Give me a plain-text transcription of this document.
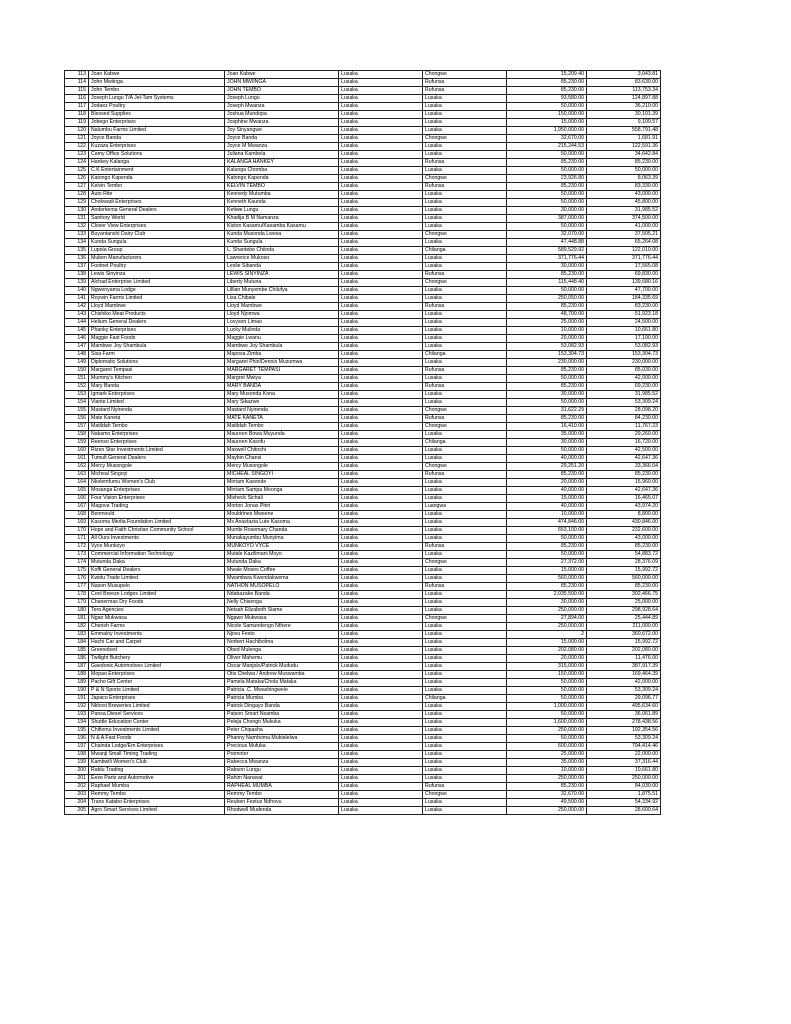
113	Joan Kabwe	Joan Kabwe	Lusaka	Chongwe	15,209.40	3,043.81
114	John Mwiinga	JOHN MWIINGA	Lusaka	Rufunsa	85,230.00	83,630.00
115	John Tembo	JOHN TEMBO	Lusaka	Rufunsa	85,230.00	113,753.34
116	Joseph Lungu T/A Jel-Tam Systems	Joseph Lungu	Lusaka	Lusaka	93,580.00	124,897.88
117	Jodaez Poultry	Joseph Mwanza	Lusaka	Lusaka	50,000.00	36,210.00
118	Blessed Supplies	Joshua Mundopa	Lusaka	Lusaka	150,000.00	30,101.39
119	Jobego Enterprises	Josphine Mwanza	Lusaka	Lusaka	15,000.00	9,109.57
120	Nalumbu Farms Limited	Joy Sinyangwe	Lusaka	Lusaka	1,950,000.00	558,791.48
121	Joyce Banda	Joyce Banda	Lusaka	Chongwe	32,670.00	1,681.91
122	Kuzaza Enterprises	Joyce M Mwanza	Lusaka	Lusaka	215,244.53	122,591.36
123	Camy Office Solutions	Juliana Kambela	Lusaka	Lusaka	50,000.00	34,642.84
124	Hankey Kalanga	KALANGA HANKEY	Lusaka	Rufunsa	85,230.00	85,230.00
125	C.K Entertainment	Kalunga Chomba	Lusaka	Lusaka	50,000.00	50,000.00
126	Katongo Kapenda	Katongo Kapenda	Lusaka	Chongwe	23,926.80	8,063.39
127	Kelvin Tembo	KELVIN TEMBO	Lusaka	Rufunsa	85,230.00	83,330.00
128	Auto Rite	Kennedy Mutumba	Lusaka	Lusaka	50,000.00	43,000.00
129	Chokwadi Enterprises	Kenneth Kaunda	Lusaka	Lusaka	50,000.00	45,800.00
130	Anderkema General Dealers	Ketiwe Lungu	Lusaka	Lusaka	30,000.00	31,985.52
131	Sanitory World	Khadija B M Namanza	Lusaka	Lusaka	387,000.00	374,500.00
132	Closer View Enterprises	Kiston Kasamu/Kasamba Kasamu	Lusaka	Lusaka	50,000.00	41,000.00
133	Buyantanshi Dairy Club	Kunda Musonda Lwesa	Lusaka	Chongwe	32,070.00	37,505.21
134	Kunda Sungula	Kunda Sungula	Lusaka	Lusaka	47,448.88	65,264.08
135	Lupola Group	L. Shantebe Chiinda	Lusaka	Chilanga	589,529.92	122,010.00
136	Muben Manufacturers	Lawrence Mukoso	Lusaka	Lusaka	371,776.44	371,776.44
137	Footnet Poultry	Leslie Sibanda	Lusaka	Lusaka	30,000.00	17,565.08
138	Lewis Sinyinza	LEWIS SINYINZA	Lusaka	Rufunsa	85,230.00	69,830.00
139	Alchad Enterprise Limited	Liberty Mutuna	Lusaka	Chongwe	115,448.40	139,680.16
140	Ngwenyama Lodge	Lillian Munyembe Chilufya	Lusaka	Lusaka	50,000.00	47,700.00
141	Roywin Farms Limited	Lisa Chibale	Lusaka	Lusaka	250,050.00	184,335.69
142	Lloyd Mambwe	Lloyd Mambwe	Lusaka	Rufunsa	85,230.00	83,230.00
143	Chishiko Meat Products	Lloyd Njomwa	Lusaka	Lusaka	48,700.00	51,923.18
144	Helium General Dealers	Lovyson Limao	Lusaka	Lusaka	25,000.00	24,500.00
145	Phanky Enterprises	Lucky Mulinda	Lusaka	Lusaka	10,000.00	10,661.80
146	Maggie Fast Foods	Maggie Lwanu	Lusaka	Lusaka	20,000.00	17,100.00
147	Mambwe Joy Shambula	Mambwe Joy Shambula	Lusaka	Lusaka	53,082.93	53,082.93
148	Sisa Farm	Maposa Zimba	Lusaka	Chilanga	153,304.73	153,304.73
149	Diplomatic Solutions	Margaret Phiri/Dennis Muzumwa	Lusaka	Lusaka	230,000.00	230,000.00
150	Margaret Tempasi	MARGARET TEMPASI	Lusaka	Rufunsa	85,230.00	85,030.00
151	Mummy's Kitchen	Margret Mwiya	Lusaka	Lusaka	50,000.00	42,000.00
152	Mary Banda	MARY BANDA	Lusaka	Rufunsa	85,230.00	69,230.00
153	Igmark Enterprises	Mary Musonda Kona	Lusaka	Lusaka	30,000.00	31,985.52
154	Viante Limited	Mary Sikazwe	Lusaka	Lusaka	50,000.00	53,309.24
155	Mastard Nyirenda	Mastard Nyirenda	Lusaka	Chongwe	31,622.29	28,098.20
156	Mate Kaneta	MATE KANETA	Lusaka	Rufunsa	85,230.00	84,230.00
157	Matildah Tembo	Matildah Tembo	Lusaka	Chongwe	16,410.00	11,767.23
158	Nakamo Enterprises	Maureen Bowa Muyunda	Lusaka	Lusaka	35,000.00	29,260.00
159	Reenso Enterprises	Maureen Kasofu	Lusaka	Chilanga	30,000.00	16,720.00
160	Rizen Star Investments Limited	Maxwell Chitoshi	Lusaka	Lusaka	50,000.00	42,500.00
161	Tumult General Dealers	Maybin Chansi	Lusaka	Lusaka	40,000.00	42,647.36
162	Mercy Musongole	Mercy Musongole	Lusaka	Chongwe	29,251.20	33,366.04
163	Micheal Singoyi	MICHEAL SINGOYI	Lusaka	Rufunsa	85,230.00	85,230.00
164	Nkolemfumu Women's Club	Mirriam Kasonde	Lusaka	Lusaka	20,000.00	15,960.00
165	Mosanga Enterprises	Mirriam Sampa Moonga	Lusaka	Lusaka	40,000.00	42,647.36
166	Four Vision Enterprises	Misheck Sichali	Lusaka	Lusaka	15,000.00	16,465.07
167	Magova Trading	Morton Jonas Phiri	Lusaka	Luangwa	40,000.00	43,974.20
168	Benmould	Mouldrines Mweene	Lusaka	Lusaka	10,000.00	8,800.00
169	Kasoma Media Foundation Limited	Ms Anastazia Lute Kasoma	Lusaka	Lusaka	474,846.00	430,846.00
170	Hope and Faith Christian Community School	Mumbi Rosemary Chanda	Lusaka	Lusaka	653,100.00	232,600.00
171	All Ours Investments	Munakayumbu Munyima	Lusaka	Lusaka	50,000.00	43,000.00
172	Vyce Munkoyo	MUNKOYO VYCE	Lusaka	Rufunsa	85,230.00	85,230.00
173	Commercial Information Technology	Mutale Kazilimani Moyo	Lusaka	Lusaka	50,000.00	54,883.72
174	Mutunda Daka	Mutunda Daka	Lusaka	Chongwe	27,372.00	28,376.09
175	Koffi General Dealers	Mwale Moses Coffee	Lusaka	Lusaka	15,000.00	15,992.72
176	Kwidu Trade Limited	Mwambwa Kwendakwema	Lusaka	Lusaka	560,000.00	560,000.00
177	Nason Musupelo	NATHON MUSOPELO	Lusaka	Rufunsa	85,230.00	85,230.00
178	Cool Breeze Lodges Limited	Ndabazake Banda	Lusaka	Lusaka	2,035,500.00	302,466.75
179	Chanermas Dry Foods	Nelly Chisenga	Lusaka	Lusaka	30,000.00	25,000.00
180	Tero Agencies	Netsah Elizabeth Siame	Lusaka	Lusaka	250,000.00	298,928.64
181	Ngao Mukwasa	Ngawo Mukwasa	Lusaka	Chongwe	27,894.00	25,444.89
182	Cherish Farms	Nicole Samundengo Nthere	Lusaka	Lusaka	250,000.00	211,000.00
183	Emmaloy Investments	Njovu Festo	Lusaka	Lusaka	2	360,672.00
184	Hachi Car and Carpet	Norbert Hachibolma	Lusaka	Lusaka	15,000.00	15,992.72
185	Greenobed	Obed Mulenga	Lusaka	Lusaka	202,080.00	202,080.00
186	Twilight Butchery	Oliver Mahemu	Lusaka	Lusaka	20,000.00	11,476.00
187	Gaedonic Automotives Limited	Oscar Manjolo/Patrick Mududu	Lusaka	Lusaka	315,000.00	387,917.39
188	Mopao Enterprises	Otis Chelwa / Andrew Muswamba	Lusaka	Lusaka	150,000.00	169,464.39
189	Pacho Gift Center	Pamela Mataka/Chola Mataka	Lusaka	Lusaka	50,000.00	42,000.00
190	P & N Sports Limited	Patricia .C. Mwashingwele	Lusaka	Lusaka	50,000.00	53,309.24
191	Japaco Enterprises	Patricia Mumba	Lusaka	Chilanga	50,000.00	29,096.77
192	Nkhosi Breweries Limited	Patrick Dingayo Banda	Lusaka	Lusaka	1,000,000.00	495,634.60
193	Pansa Diesel Services	Patson Smart Nsamba	Lusaka	Lusaka	50,000.00	36,061.89
194	Shuttle Education Center	Peleja Chongo Mukuka	Lusaka	Lusaka	1,600,000.00	278,438.56
195	Chifiomu Investments Limited	Peter Chipasha	Lusaka	Lusaka	250,000.00	192,354.56
196	N & A Fast Foods	Phanny Namboma Mubialelwa	Lusaka	Lusaka	50,000.00	53,309.24
197	Chainda Lodge/Em Enterprises	Precious Mufuka	Lusaka	Lusaka	600,000.00	794,414.46
198	Mwanji Small Timing Trading	Promoter	Lusaka	Lusaka	25,000.00	22,000.00
199	Kambwili Women's Club	Rabecca Mwanza	Lusaka	Lusaka	35,000.00	37,316.44
200	Rablu Trading	Rabson Lungu	Lusaka	Lusaka	10,000.00	10,661.80
201	Eeze Parts and Automotive	Rahim Nanavat	Lusaka	Lusaka	250,000.00	250,000.00
202	Raphael Mumba	RAPHEAL MUMBA	Lusaka	Rufunsa	85,230.00	84,030.00
203	Remmy Tembo	Remmy Tembo	Lusaka	Chongwe	32,670.00	1,875.51
204	Trans Katabo Enterprises	Reuben Festus Ndhovu	Lusaka	Lusaka	49,500.00	54,334.92
205	Agro Smart Services Limited	Rhodwell Mudenda	Lusaka	Lusaka	250,000.00	28,600.64
